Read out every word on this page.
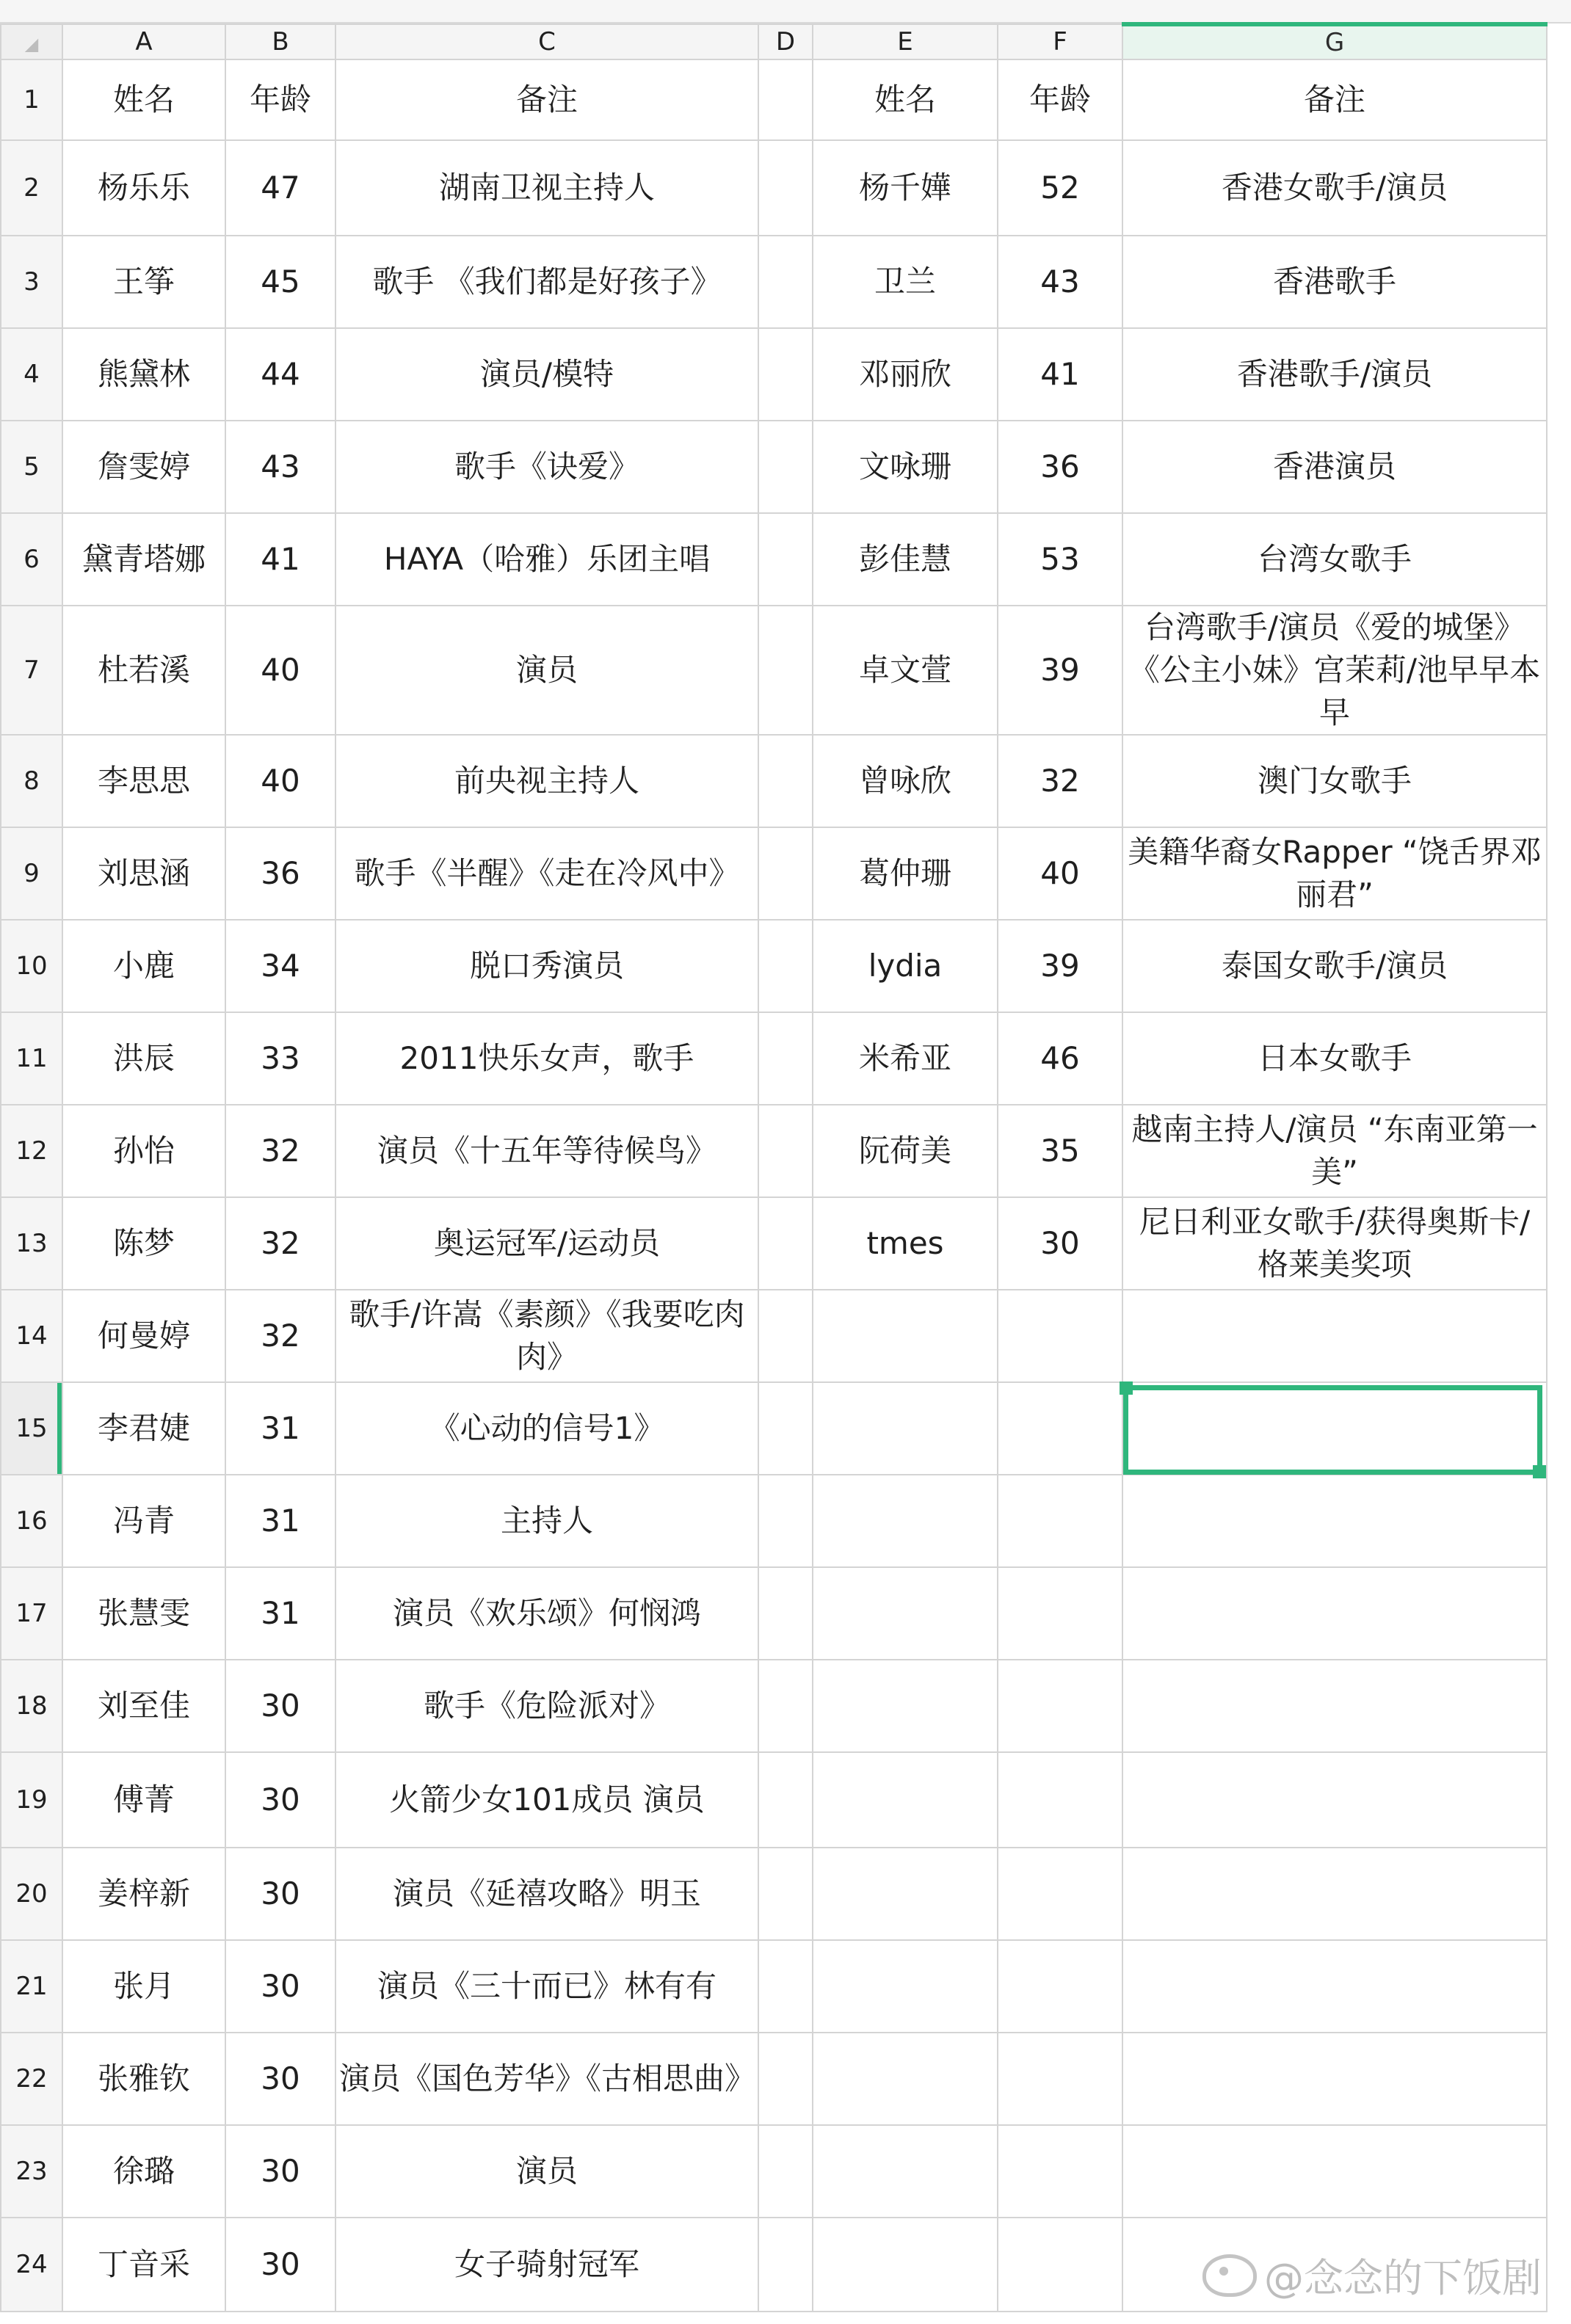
◢	A	B	C	D	E	F	G
1	姓名	年龄	备注		姓名	年龄	备注
2	杨乐乐	47	湖南卫视主持人		杨千嬅	52	香港女歌手/演员
3	王筝	45	歌手 《我们都是好孩子》		卫兰	43	香港歌手
4	熊黛林	44	演员/模特		邓丽欣	41	香港歌手/演员
5	詹雯婷	43	歌手《诀爱》		文咏珊	36	香港演员
6	黛青塔娜	41	HAYA（哈雅）乐团主唱		彭佳慧	53	台湾女歌手
7	杜若溪	40	演员		卓文萱	39	台湾歌手/演员《爱的城堡》《公主小妹》宫茉莉/池早早本早
8	李思思	40	前央视主持人		曾咏欣	32	澳门女歌手
9	刘思涵	36	歌手《半醒》《走在冷风中》		葛仲珊	40	美籍华裔女Rapper “饶舌界邓丽君”
10	小鹿	34	脱口秀演员		lydia	39	泰国女歌手/演员
11	洪辰	33	2011快乐女声，歌手		米希亚	46	日本女歌手
12	孙怡	32	演员《十五年等待候鸟》		阮荷美	35	越南主持人/演员 “东南亚第一美”
13	陈梦	32	奥运冠军/运动员		tmes	30	尼日利亚女歌手/获得奥斯卡/格莱美奖项
14	何曼婷	32	歌手/许嵩《素颜》《我要吃肉肉》				
15	李君婕	31	《心动的信号1》				
16	冯青	31	主持人				
17	张慧雯	31	演员《欢乐颂》何悯鸿				
18	刘至佳	30	歌手《危险派对》				
19	傅菁	30	火箭少女101成员 演员				
20	姜梓新	30	演员《延禧攻略》明玉				
21	张月	30	演员《三十而已》林有有				
22	张雅钦	30	演员《国色芳华》《古相思曲》				
23	徐璐	30	演员				
24	丁音采	30	女子骑射冠军					@念念的下饭剧
